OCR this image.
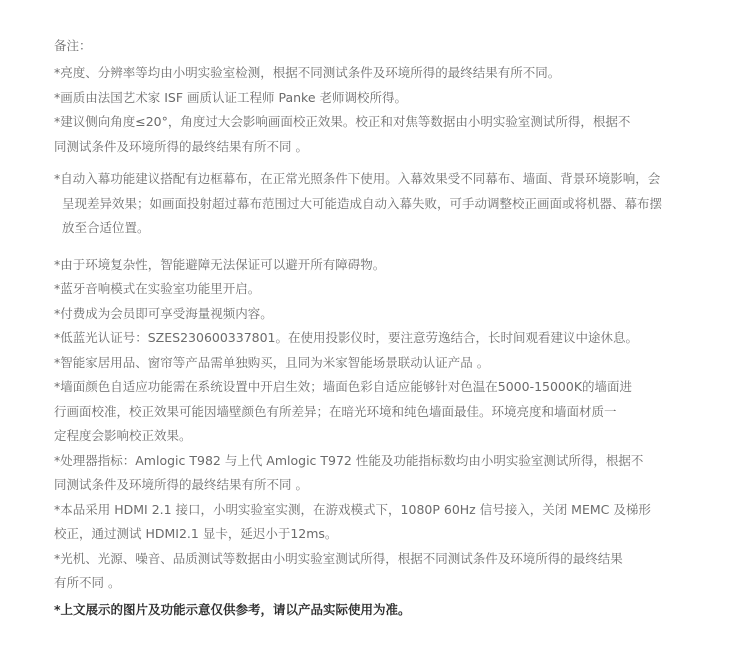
备注：

*亮度、分辨率等均由小明实验室检测，根据不同测试条件及环境所得的最终结果有所不同。

*画质由法国艺术家 ISF 画质认证工程师 Panke 老师调校所得。

*建议侧向角度≤20°，角度过大会影响画面校正效果。校正和对焦等数据由小明实验室测试所得，根据不
同测试条件及环境所得的最终结果有所不同 。

*自动入幕功能建议搭配有边框幕布，在正常光照条件下使用。入幕效果受不同幕布、墙面、背景环境影响，会
呈现差异效果；如画面投射超过幕布范围过大可能造成自动入幕失败，可手动调整校正画面或将机器、幕布摆
放至合适位置。

*由于环境复杂性，智能避障无法保证可以避开所有障碍物。

*蓝牙音响模式在实验室功能里开启。

*付费成为会员即可享受海量视频内容。

*低蓝光认证号：SZES230600337801。在使用投影仪时，要注意劳逸结合，长时间观看建议中途休息。

*智能家居用品、窗帘等产品需单独购买，且同为米家智能场景联动认证产品 。

*墙面颜色自适应功能需在系统设置中开启生效；墙面色彩自适应能够针对色温在5000-15000K的墙面进
行画面校准，校正效果可能因墙壁颜色有所差异；在暗光环境和纯色墙面最佳。环境亮度和墙面材质一
定程度会影响校正效果。

*处理器指标：Amlogic T982 与上代 Amlogic T972 性能及功能指标数均由小明实验室测试所得，根据不
同测试条件及环境所得的最终结果有所不同 。

*本品采用 HDMI 2.1 接口，小明实验室实测，在游戏模式下，1080P 60Hz 信号接入，关闭 MEMC 及梯形
校正，通过测试 HDMI2.1 显卡，延迟小于12ms。

*光机、光源、噪音、品质测试等数据由小明实验室测试所得，根据不同测试条件及环境所得的最终结果
有所不同 。

*上文展示的图片及功能示意仅供参考，请以产品实际使用为准。
